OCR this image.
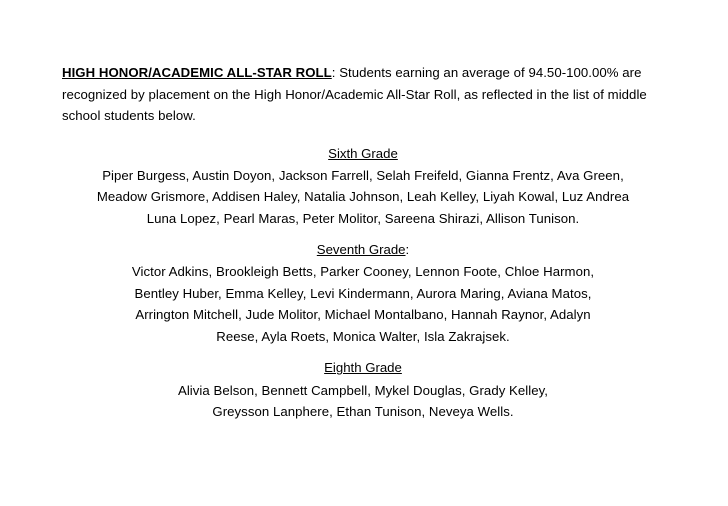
HIGH HONOR/ACADEMIC ALL-STAR ROLL: Students earning an average of 94.50-100.00% are recognized by placement on the High Honor/Academic All-Star Roll, as reflected in the list of middle school students below.

Sixth Grade

Piper Burgess, Austin Doyon, Jackson Farrell, Selah Freifeld, Gianna Frentz, Ava Green, Meadow Grismore, Addisen Haley, Natalia Johnson, Leah Kelley, Liyah Kowal, Luz Andrea Luna Lopez, Pearl Maras, Peter Molitor, Sareena Shirazi, Allison Tunison.

Seventh Grade:

Victor Adkins, Brookleigh Betts, Parker Cooney, Lennon Foote, Chloe Harmon, Bentley Huber, Emma Kelley, Levi Kindermann, Aurora Maring, Aviana Matos, Arrington Mitchell, Jude Molitor, Michael Montalbano, Hannah Raynor, Adalyn Reese, Ayla Roets, Monica Walter, Isla Zakrajsek.

Eighth Grade

Alivia Belson, Bennett Campbell, Mykel Douglas, Grady Kelley, Greysson Lanphere, Ethan Tunison, Neveya Wells.
